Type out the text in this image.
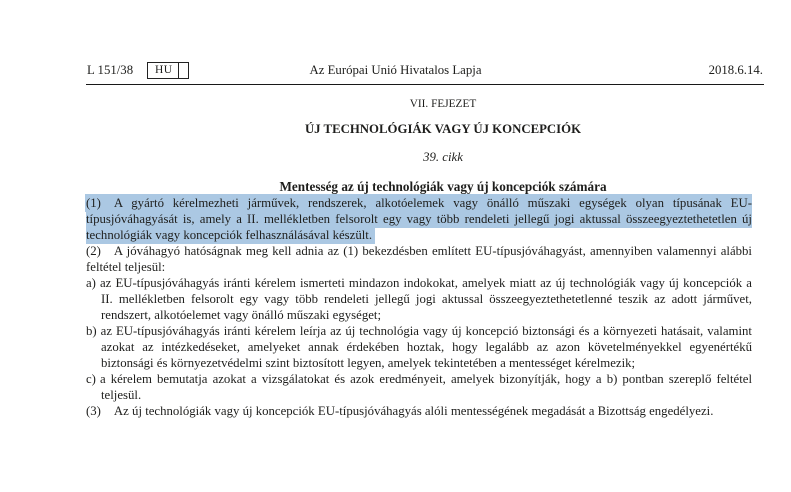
L 151/38	HU	Az Európai Unió Hivatalos Lapja	2018.6.14.
VII. FEJEZET
ÚJ TECHNOLÓGIÁK VAGY ÚJ KONCEPCIÓK
39. cikk
Mentesség az új technológiák vagy új koncepciók számára

(1) A gyártó kérelmezheti járművek, rendszerek, alkotóelemek vagy önálló műszaki egységek olyan típusának EU-típusjóváhagyását is, amely a II. mellékletben felsorolt egy vagy több rendeleti jellegű jogi aktussal összeegyeztethetetlen új technológiák vagy koncepciók felhasználásával készült.

(2) A jóváhagyó hatóságnak meg kell adnia az (1) bekezdésben említett EU-típusjóváhagyást, amennyiben valamennyi alábbi feltétel teljesül:

a) az EU-típusjóváhagyás iránti kérelem ismerteti mindazon indokokat, amelyek miatt az új technológiák vagy új koncepciók a II. mellékletben felsorolt egy vagy több rendeleti jellegű jogi aktussal összeegyeztethetetlenné teszik az adott járművet, rendszert, alkotóelemet vagy önálló műszaki egységet;

b) az EU-típusjóváhagyás iránti kérelem leírja az új technológia vagy új koncepció biztonsági és a környezeti hatásait, valamint azokat az intézkedéseket, amelyeket annak érdekében hoztak, hogy legalább az azon követelményekkel egyenértékű biztonsági és környezetvédelmi szint biztosított legyen, amelyek tekintetében a mentességet kérelmezik;

c) a kérelem bemutatja azokat a vizsgálatokat és azok eredményeit, amelyek bizonyítják, hogy a b) pontban szereplő feltétel teljesül.

(3) Az új technológiák vagy új koncepciók EU-típusjóváhagyás alóli mentességének megadását a Bizottság engedélyezi.
